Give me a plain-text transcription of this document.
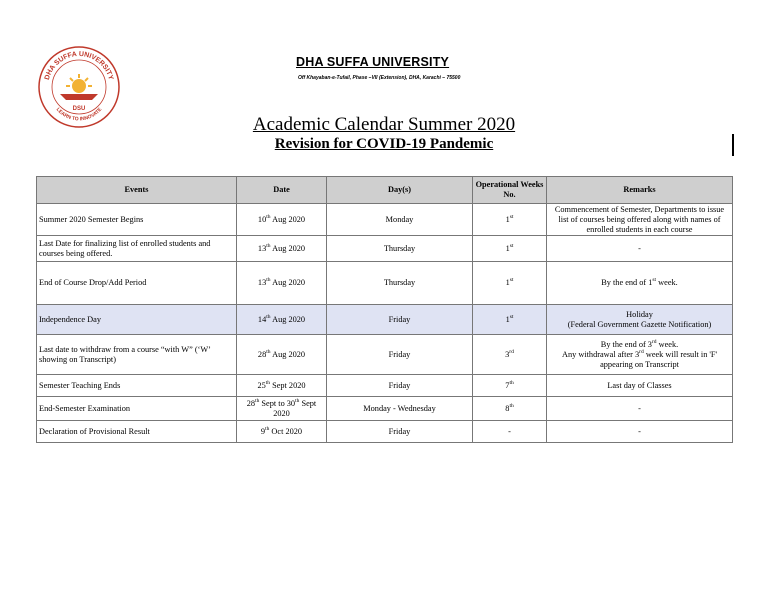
DHA SUFFA UNIVERSITY
DSU
LEARN TO INNOVATE
DHA SUFFA UNIVERSITY
Off Khayaban-e-Tufail, Phase –VII (Extension), DHA, Karachi – 75500
Academic Calendar Summer 2020
Revision for COVID-19 Pandemic
Events	Date	Day(s)	Operational Weeks No.	Remarks
Summer 2020 Semester Begins	10th Aug 2020	Monday	1st	Commencement of Semester, Departments to issue list of courses being offered along with names of enrolled students in each course
Last Date for finalizing list of enrolled students and courses being offered.	13th Aug 2020	Thursday	1st	-
End of Course Drop/Add Period	13th Aug 2020	Thursday	1st	By the end of 1st week.
Independence Day	14th Aug 2020	Friday	1st	Holiday
(Federal Government Gazette Notification)

Last date to withdraw from a course “with W” (‘W’ showing on Transcript)	28th Aug 2020	Friday	3rd	By the end of 3rd week.
Any withdrawal after 3rd week will result in 'F' appearing on Transcript

Semester Teaching Ends	25th Sept 2020	Friday	7th	Last day of Classes
End-Semester Examination	28th Sept to 30th Sept 2020	Monday - Wednesday	8th	-
Declaration of Provisional Result	9th Oct 2020	Friday	-	-
